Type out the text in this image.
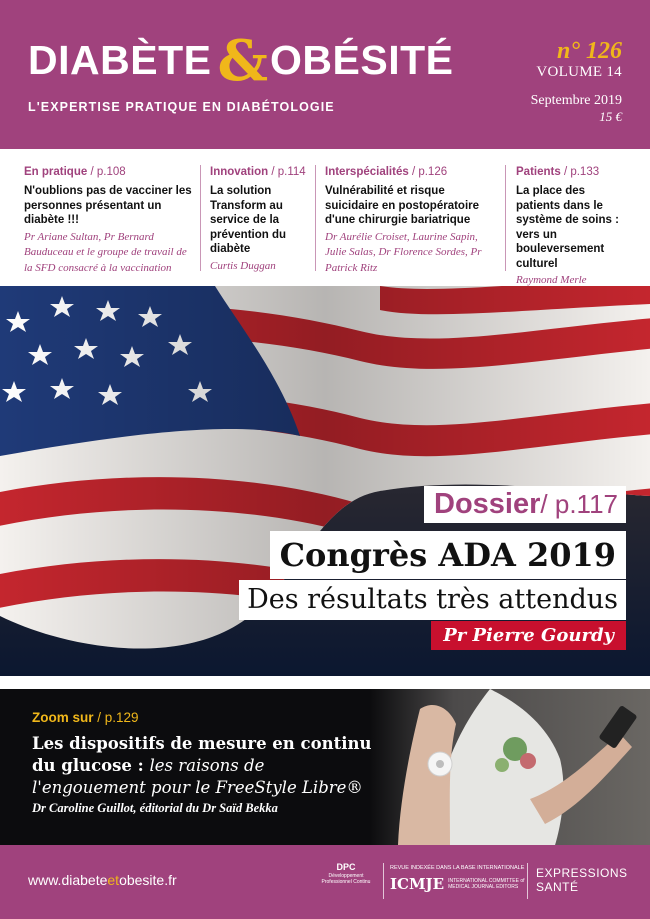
DIABÈTE & OBÉSITÉ
L'EXPERTISE PRATIQUE EN DIABÉTOLOGIE
n° 126
VOLUME 14
Septembre 2019
15 €
En pratique / p.108
N'oublions pas de vacciner les personnes présentant un diabète !!!
Pr Ariane Sultan, Pr Bernard Bauduceau et le groupe de travail de la SFD consacré à la vaccination
Innovation / p.114
La solution Transform au service de la prévention du diabète
Curtis Duggan
Interspécialités / p.126
Vulnérabilité et risque suicidaire en postopératoire d'une chirurgie bariatrique
Dr Aurélie Croiset, Laurine Sapin, Julie Salas, Dr Florence Sordes, Pr Patrick Ritz
Patients / p.133
La place des patients dans le système de soins : vers un bouleversement culturel
Raymond Merle
Dossier/ p.117
Congrès ADA 2019
Des résultats très attendus
Pr Pierre Gourdy
Zoom sur / p.129
Les dispositifs de mesure en continu du glucose : les raisons de l'engouement pour le FreeStyle Libre®
Dr Caroline Guillot, éditorial du Dr Saïd Bekka
www.diabeteetobesite.fr
DPC
Développement Professionnel Continu
REVUE INDEXÉE DANS LA BASE INTERNATIONALE
ICMJE INTERNATIONAL COMMITTEE of MEDICAL JOURNAL EDITORS
EXPRESSIONS
SANTÉ
